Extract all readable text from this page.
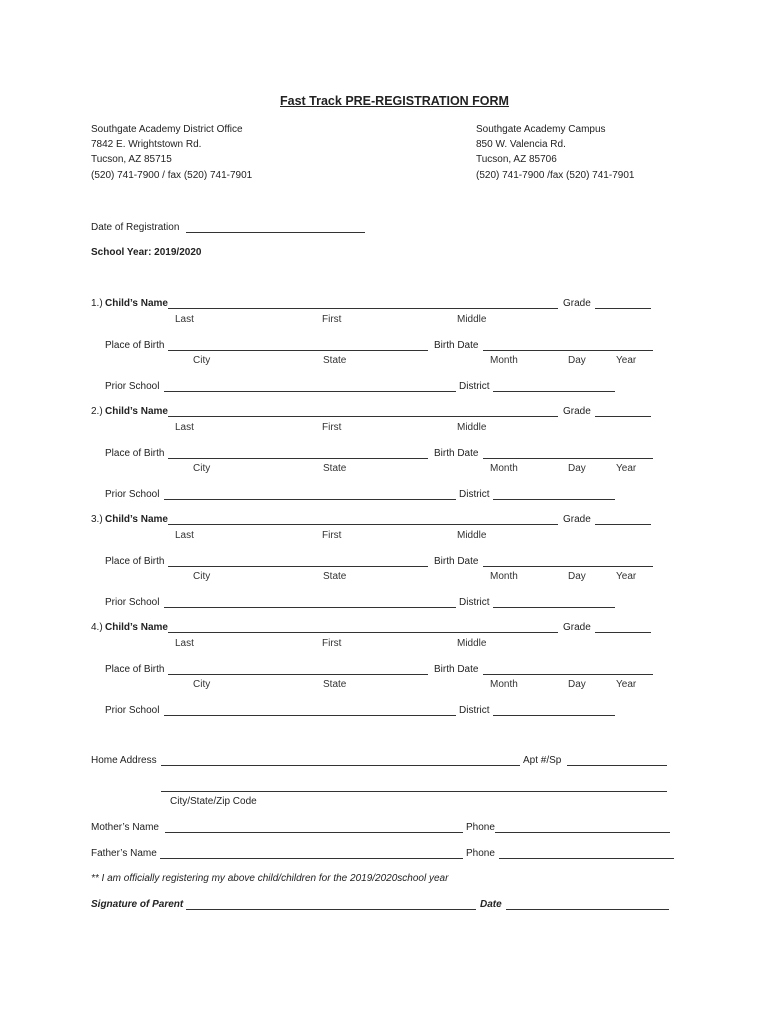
Fast Track PRE-REGISTRATION FORM
Southgate Academy District Office
7842 E. Wrightstown Rd.
Tucson, AZ 85715
(520) 741-7900 / fax (520) 741-7901
Southgate Academy Campus
850 W. Valencia Rd.
Tucson, AZ 85706
(520) 741-7900 /fax (520) 741-7901
Date of Registration
School Year: 2019/2020
1.) Child’s Name	Grade
Last	First	Middle
Place of Birth	Birth Date
City	State	Month	Day	Year
Prior School	District
2.) Child’s Name	Grade
Last	First	Middle
Place of Birth	Birth Date
City	State	Month	Day	Year
Prior School	District
3.) Child’s Name	Grade
Last	First	Middle
Place of Birth	Birth Date
City	State	Month	Day	Year
Prior School	District
4.) Child’s Name	Grade
Last	First	Middle
Place of Birth	Birth Date
City	State	Month	Day	Year
Prior School	District
Home Address	Apt #/Sp
City/State/Zip Code
Mother’s Name	Phone
Father’s Name	Phone
** I am officially registering my above child/children for the 2019/2020school year
Signature of Parent	Date
